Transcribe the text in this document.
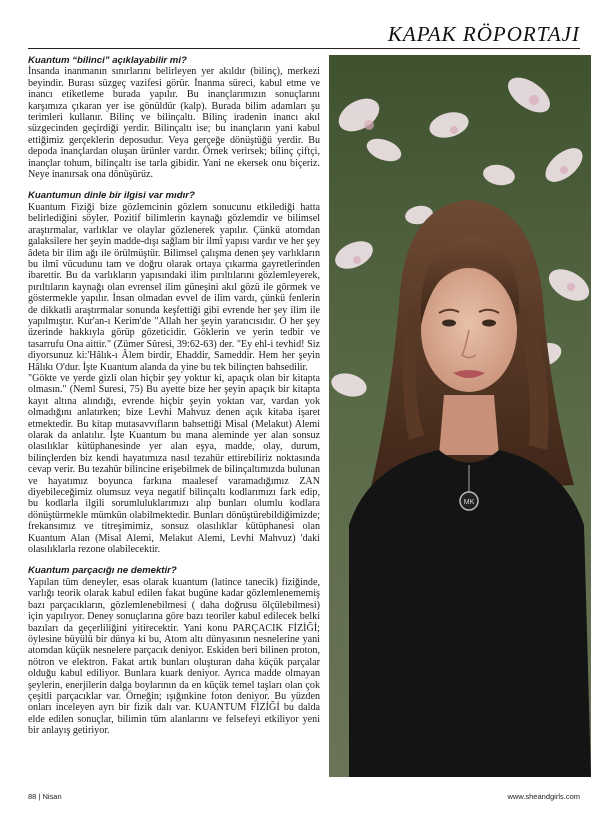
KAPAK RÖPORTAJI
Kuantum “bilinci” açıklayabilir mi?

İnsanda inanmanın sınırlarını belirleyen yer akıldır (bilinç), merkezi beyindir. Burası süzgeç vazifesi görür. İnanma süreci, kabul etme ve inancı etiketleme burada yapılır. Bu inançlarımızın sonuçlarını karşımıza çıkaran yer ise gönüldür (kalp). Burada bilim adamları şu terimleri kullanır. Bilinç ve bilinçaltı. Bilinç iradenin inancı akıl süzgecinden geçirdiği yerdir. Bilinçaltı ise; bu inançların yani kabul ettiğimiz gerçeklerin deposudur. Veya gerçeğe dönüştüğü yerdir. Bu depoda inançlardan oluşan ürünler vardır. Örnek verirsek; bilinç çiftçi, inançlar tohum, bilinçaltı ise tarla gibidir. Yani ne ekersek onu biçeriz. Neye inanırsak ona dönüşürüz.

Kuantumun dinle bir ilgisi var mıdır?

Kuantum Fiziği bize gözlemcinin gözlem sonucunu etkilediği hatta belirlediğini söyler. Pozitif bilimlerin kaynağı gözlemdir ve bilimsel araştırmalar, varlıklar ve olaylar gözlenerek yapılır. Çünkü atomdan galaksilere her şeyin madde-dışı sağlam bir ilmî yapısı vardır ve her şey âdeta bir ilim ağı ile örülmüştür. Bilimsel çalışma denen şey varlıkların bu ilmî vücudunu tam ve doğru olarak ortaya çıkarma gayretlerinden ibarettir. Bu da varlıkların yapısındaki ilim pırıltılarını gözlemleyerek, pırıltıların kaynağı olan evrensel ilim güneşini akıl gözü ile görmek ve göstermekle yapılır. İnsan olmadan evvel de ilim vardı, çünkü fenlerin de dikkatli araştırmalar sonunda keşfettiği gibi evrende her şey ilim ile yapılmıştır. Kur'an-ı Kerim'de "Allah her şeyin yaratıcısıdır. O her şey üzerinde hakkıyla görüp gözeticidir. Göklerin ve yerin tedbir ve tasarrufu Ona aittir." (Zümer Sûresi, 39:62-63) der. "Ey ehl-i tevhid! Siz diyorsunuz ki:'Hâlık-ı Âlem birdir, Ehaddir, Sameddir. Hem her şeyin Hâlıkı O'dur. İşte Kuantum alanda da yine bu tek bilinçten bahsedilir.

"Gökte ve yerde gizli olan hiçbir şey yoktur ki, apaçık olan bir kitapta olmasın." (Neml Suresi, 75) Bu ayette bize her şeyin apaçık bir kitapta kayıt altına alındığı, evrende hiçbir şeyin yoktan var, vardan yok olmadığını anlatırken; bize Levhi Mahvuz denen açık kitaba işaret etmektedir. Bu kitap mutasavvıfların bahsettiği Misal (Melakut) Alemi olarak da anlatılır. İşte Kuantum bu mana aleminde yer alan sonsuz olasılıklar kütüphanesinde yer alan eşya, madde, olay, durum, bilinçlerden biz kendi hayatımıza nasıl tezahür ettirebiliriz noktasında cevap verir. Bu tezahür bilincine erişebilmek de bilinçaltımızda bulunan ve hayatımız boyunca farkına maalesef varamadığımız ZAN diyebileceğimiz olumsuz veya negatif bilinçaltı kodlarımızı fark edip, bu kodlarla ilgili sorumluluklarımızı alıp bunları olumlu kodlara dönüştürmekle mümkün olabilmektedir. Bunları dönüştürebildiğimizde; frekansımız ve titreşimimiz, sonsuz olasılıklar kütüphanesi olan Kuantum Alan (Misal Alemi, Melakut Alemi, Levhi Mahvuz) 'daki olasılıklarla rezone olabilecektir.

Kuantum parçacığı ne demektir?

Yapılan tüm deneyler, esas olarak kuantum (latince tanecik) fiziğinde, varlığı teorik olarak kabul edilen fakat bugüne kadar gözlemlenememiş bazı parçacıkların, gözlemlenebilmesi ( daha doğrusu ölçülebilmesi) için yapılıyor. Deney sonuçlarına göre bazı teoriler kabul edilecek belki bazıları da geçerliliğini yitirecektir. Yani konu PARÇACIK FİZİĞİ; öylesine büyülü bir dünya ki bu, Atom altı dünyasının nesnelerine yani atomdan küçük nesnelere parçacık deniyor. Eskiden beri bilinen proton, nötron ve elektron. Fakat artık bunları oluşturan daha küçük parçalar olduğu kabul ediliyor. Bunlara kuark deniyor. Ayrıca madde olmayan şeylerin, enerjilerin dalga boylarının da en küçük temel taşları olan çok çeşitli parçacıklar var. Örneğin; ışığınkine foton deniyor. Bu yüzden onları inceleyen ayrı bir fizik dalı var. KUANTUM FİZİĞİ bu dalda elde edilen sonuçlar, bilimin tüm alanlarını ve felsefeyi etkiliyor yeni bir anlayış getiriyor.

MK
88 | Nisan	www.sheandgirls.com
